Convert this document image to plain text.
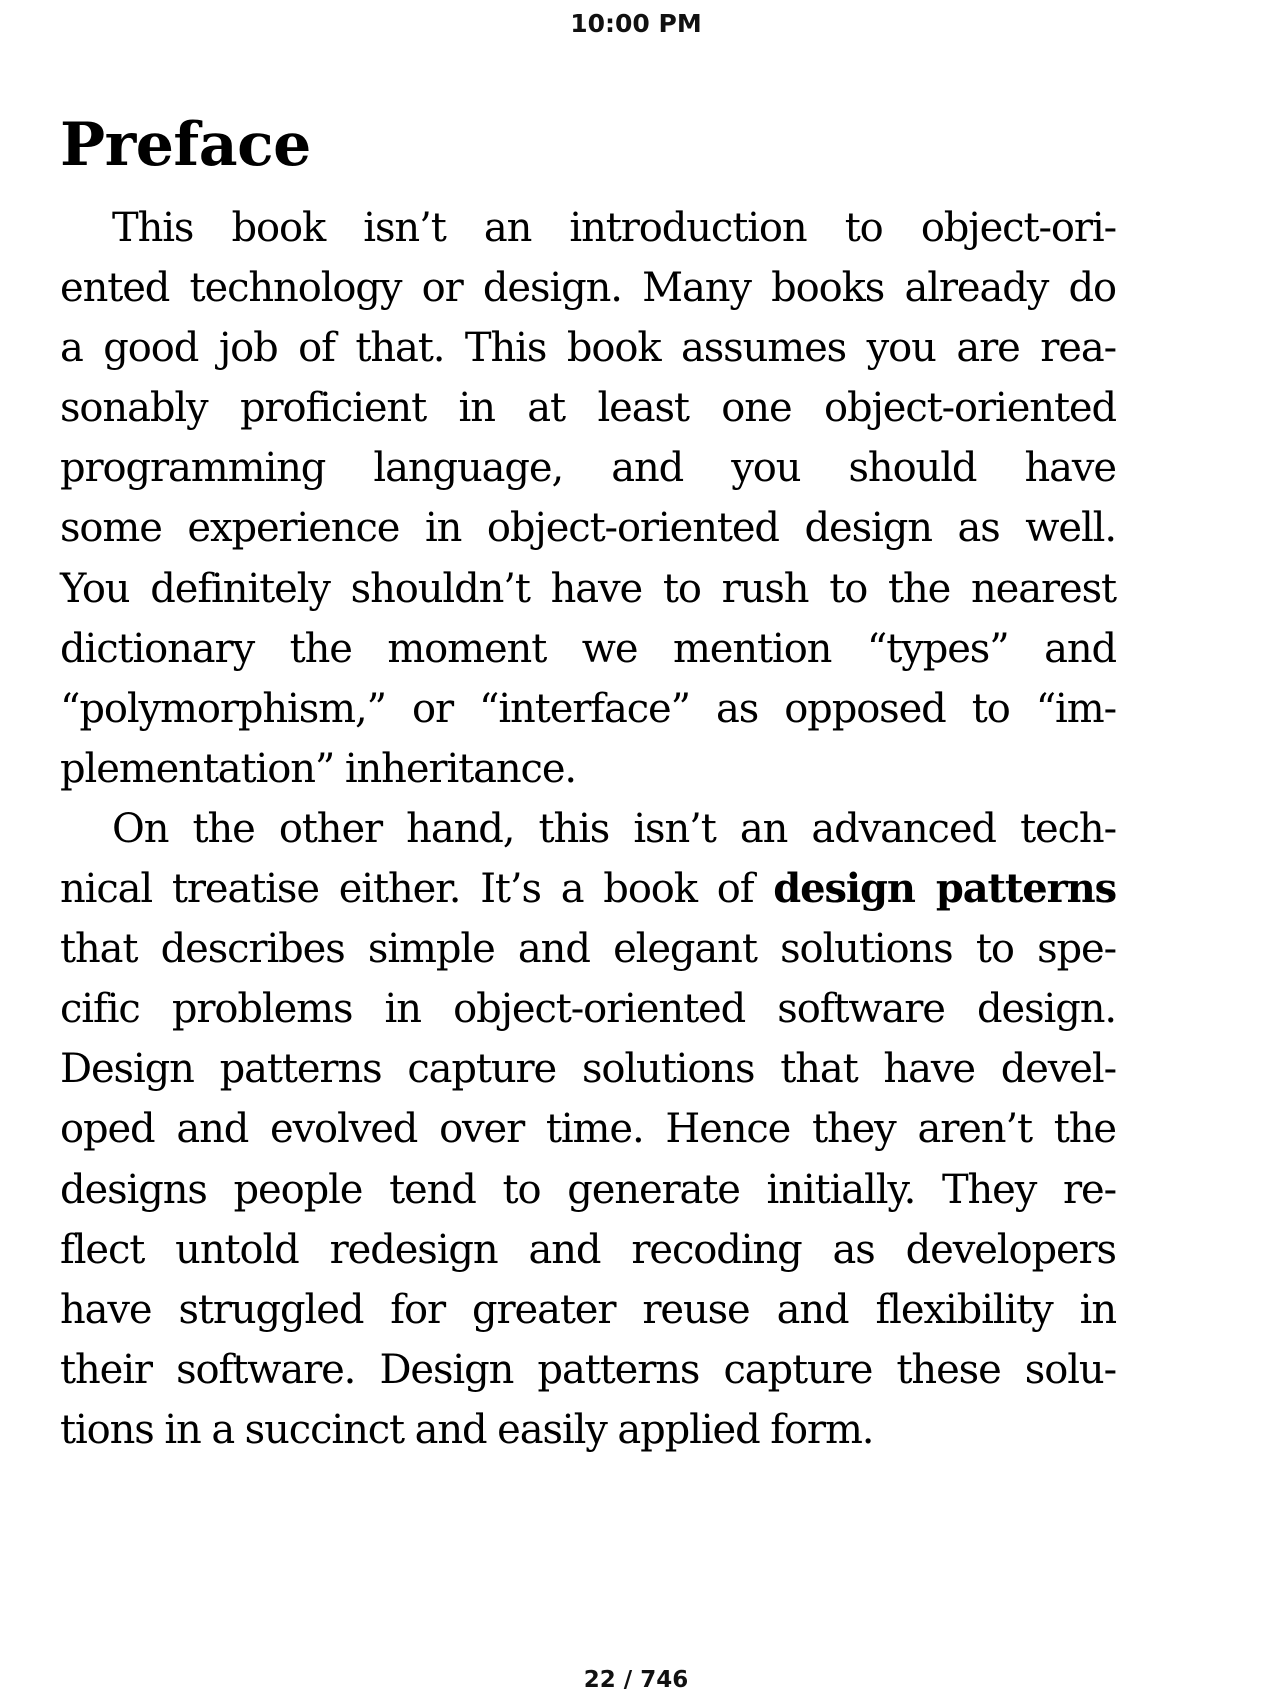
10:00 PM
Preface

This book isn’t an introduction to object-ori-
ented technology or design. Many books already do
a good job of that. This book assumes you are rea-
sonably proficient in at least one object-oriented
programming language, and you should have
some experience in object-oriented design as well.
You definitely shouldn’t have to rush to the nearest
dictionary the moment we mention “types” and
“polymorphism,” or “interface” as opposed to “im-
plementation” inheritance.

On the other hand, this isn’t an advanced tech-
nical treatise either. It’s a book of design patterns
that describes simple and elegant solutions to spe-
cific problems in object-oriented software design.
Design patterns capture solutions that have devel-
oped and evolved over time. Hence they aren’t the
designs people tend to generate initially. They re-
flect untold redesign and recoding as developers
have struggled for greater reuse and flexibility in
their software. Design patterns capture these solu-
tions in a succinct and easily applied form.

22 / 746
